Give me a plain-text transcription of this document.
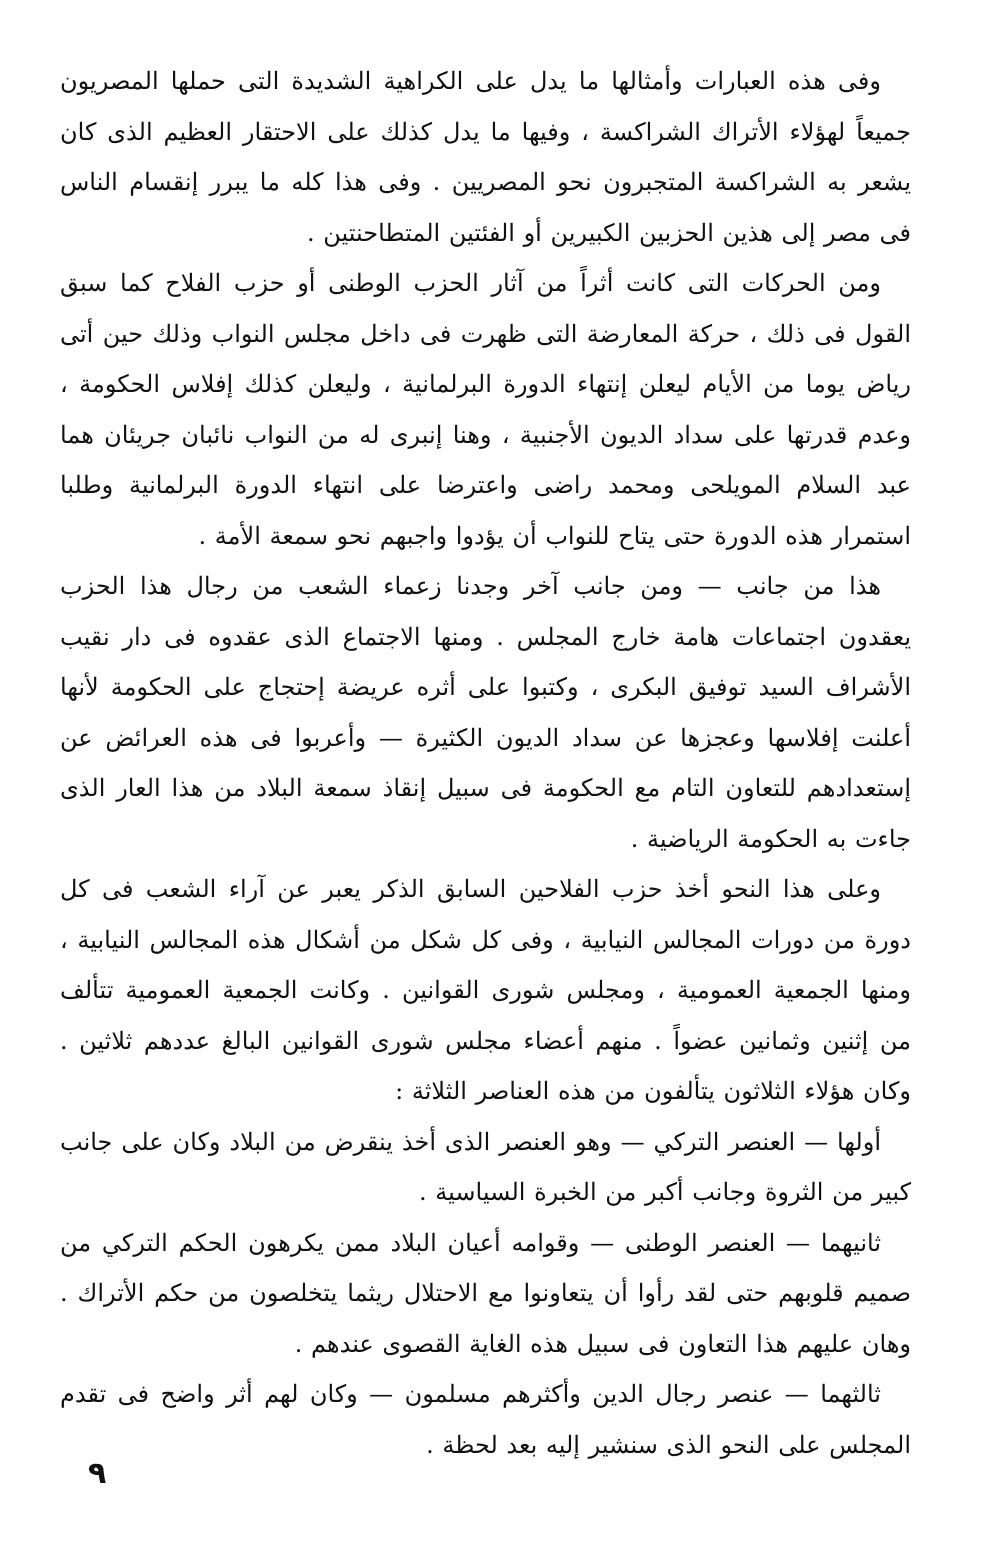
وفى هذه العبارات وأمثالها ما يدل على الكراهية الشديدة التى حملها المصريون جميعاً لهؤلاء الأتراك الشراكسة ، وفيها ما يدل كذلك على الاحتقار العظيم الذى كان يشعر به الشراكسة المتجبرون نحو المصريين . وفى هذا كله ما يبرر إنقسام الناس فى مصر إلى هذين الحزبين الكبيرين أو الفئتين المتطاحنتين .

ومن الحركات التى كانت أثراً من آثار الحزب الوطنى أو حزب الفلاح كما سبق القول فى ذلك ، حركة المعارضة التى ظهرت فى داخل مجلس النواب وذلك حين أتى رياض يوما من الأيام ليعلن إنتهاء الدورة البرلمانية ، وليعلن كذلك إفلاس الحكومة ، وعدم قدرتها على سداد الديون الأجنبية ، وهنا إنبرى له من النواب نائبان جريئان هما عبد السلام المويلحى ومحمد راضى واعترضا على انتهاء الدورة البرلمانية وطلبا استمرار هذه الدورة حتى يتاح للنواب أن يؤدوا واجبهم نحو سمعة الأمة .

هذا من جانب — ومن جانب آخر وجدنا زعماء الشعب من رجال هذا الحزب يعقدون اجتماعات هامة خارج المجلس . ومنها الاجتماع الذى عقدوه فى دار نقيب الأشراف السيد توفيق البكرى ، وكتبوا على أثره عريضة إحتجاج على الحكومة لأنها أعلنت إفلاسها وعجزها عن سداد الديون الكثيرة — وأعربوا فى هذه العرائض عن إستعدادهم للتعاون التام مع الحكومة فى سبيل إنقاذ سمعة البلاد من هذا العار الذى جاءت به الحكومة الرياضية .

وعلى هذا النحو أخذ حزب الفلاحين السابق الذكر يعبر عن آراء الشعب فى كل دورة من دورات المجالس النيابية ، وفى كل شكل من أشكال هذه المجالس النيابية ، ومنها الجمعية العمومية ، ومجلس شورى القوانين . وكانت الجمعية العمومية تتألف من إثنين وثمانين عضواً . منهم أعضاء مجلس شورى القوانين البالغ عددهم ثلاثين . وكان هؤلاء الثلاثون يتألفون من هذه العناصر الثلاثة :

أولها — العنصر التركي — وهو العنصر الذى أخذ ينقرض من البلاد وكان على جانب كبير من الثروة وجانب أكبر من الخبرة السياسية .

ثانيهما — العنصر الوطنى — وقوامه أعيان البلاد ممن يكرهون الحكم التركي من صميم قلوبهم حتى لقد رأوا أن يتعاونوا مع الاحتلال ريثما يتخلصون من حكم الأتراك . وهان عليهم هذا التعاون فى سبيل هذه الغاية القصوى عندهم .

ثالثهما — عنصر رجال الدين وأكثرهم مسلمون — وكان لهم أثر واضح فى تقدم المجلس على النحو الذى سنشير إليه بعد لحظة .

٩
